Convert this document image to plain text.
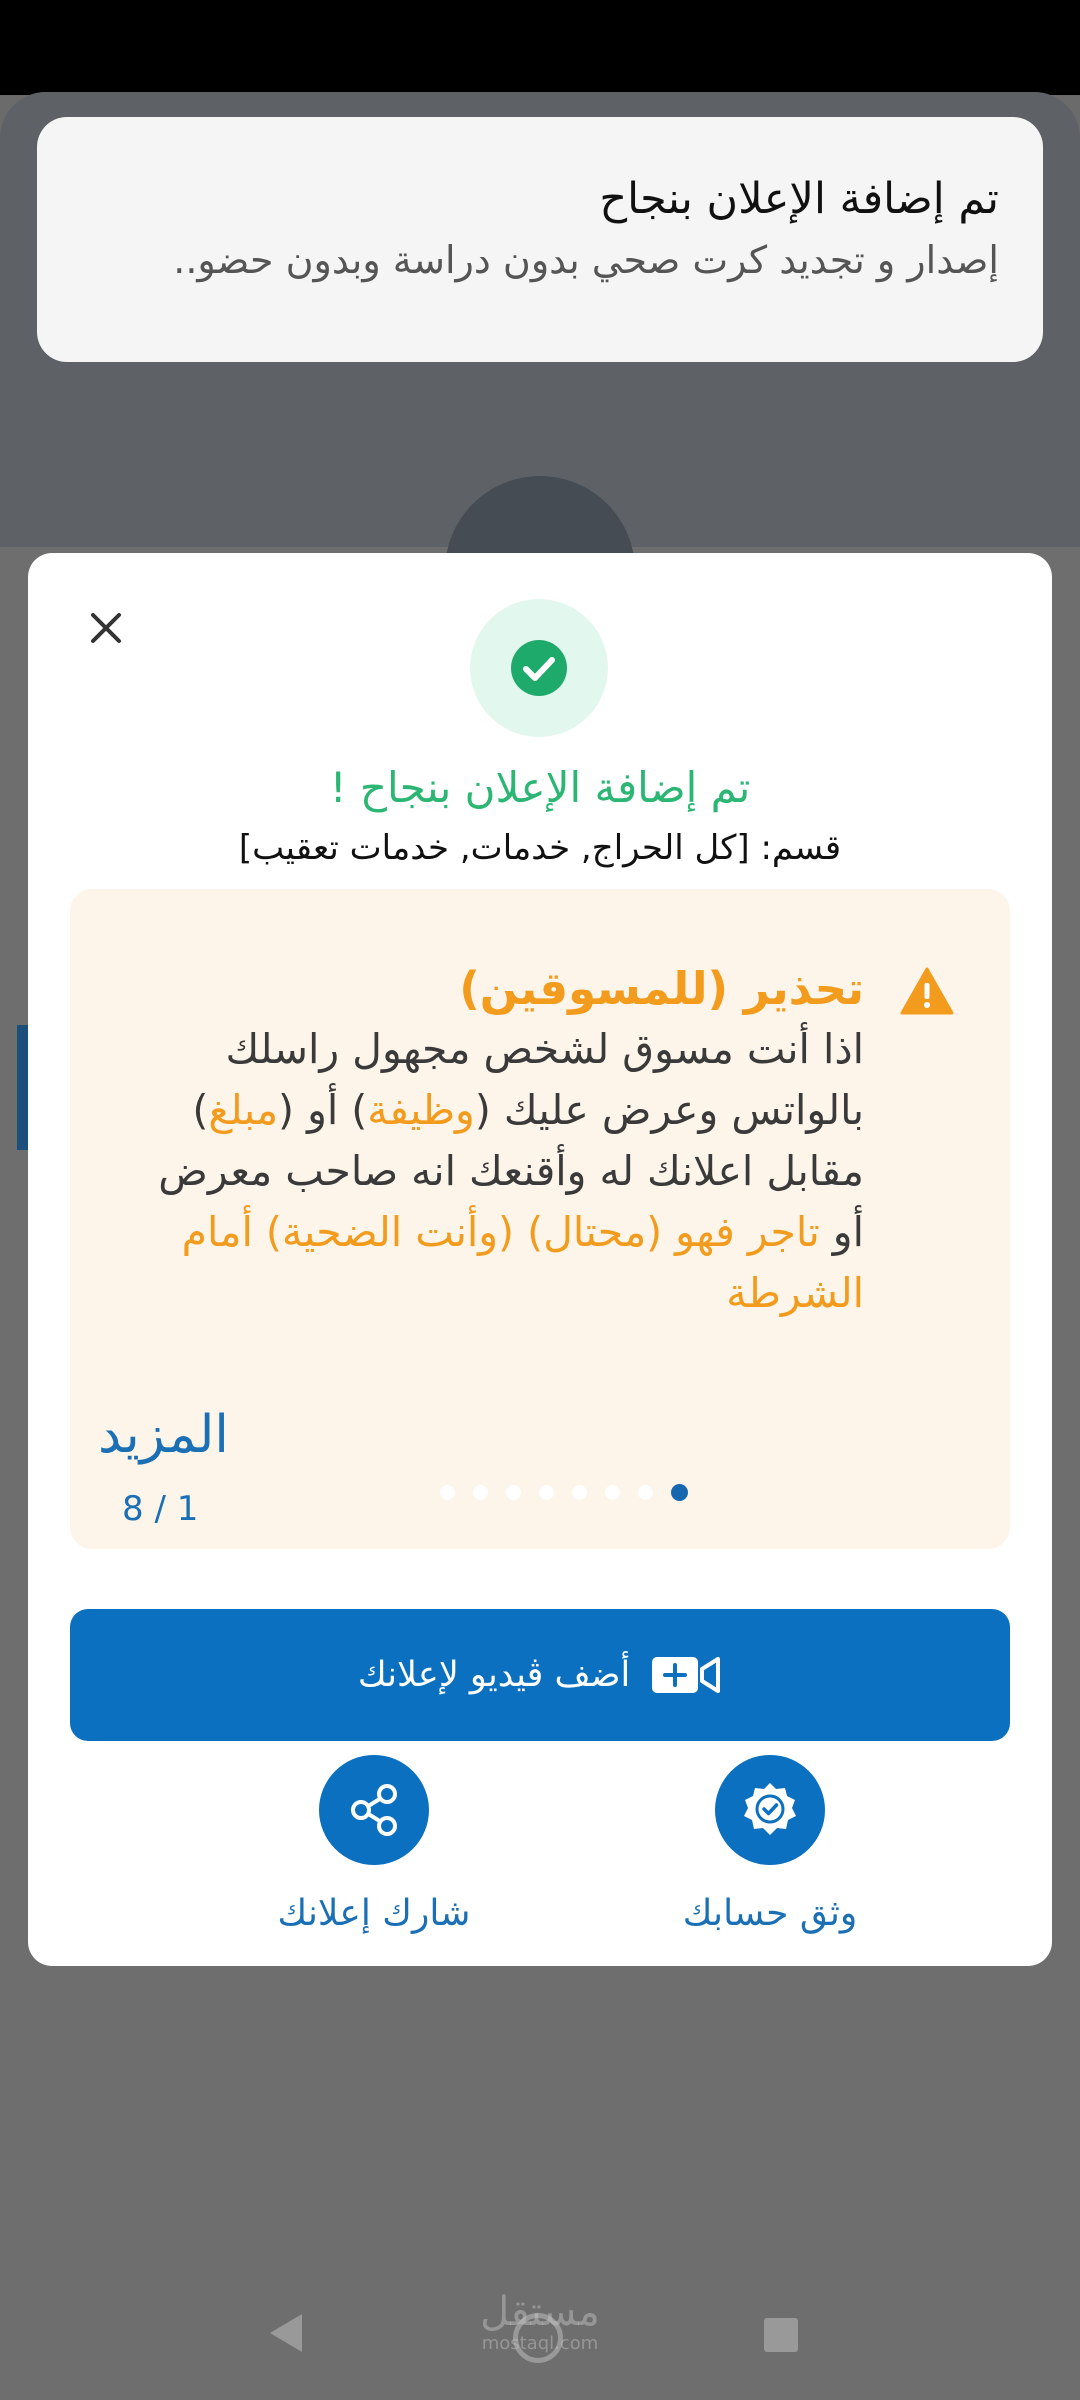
تم إضافة الإعلان بنجاح
إصدار و تجديد كرت صحي بدون دراسة وبدون حضو..
تم إضافة الإعلان بنجاح !
قسم: [كل الحراج, خدمات, خدمات تعقيب]
تحذير (للمسوقين)
اذا أنت مسوق لشخص مجهول راسلك بالواتس وعرض عليك (وظيفة) أو (مبلغ) مقابل اعلانك له وأقنعك انه صاحب معرض أو تاجر فهو (محتال) (وأنت الضحية) أمام الشرطة
المزيد
8 / 1
أضف ڤيديو لإعلانك
وثق حسابك
شارك إعلانك
مستقل
mostaql.com
